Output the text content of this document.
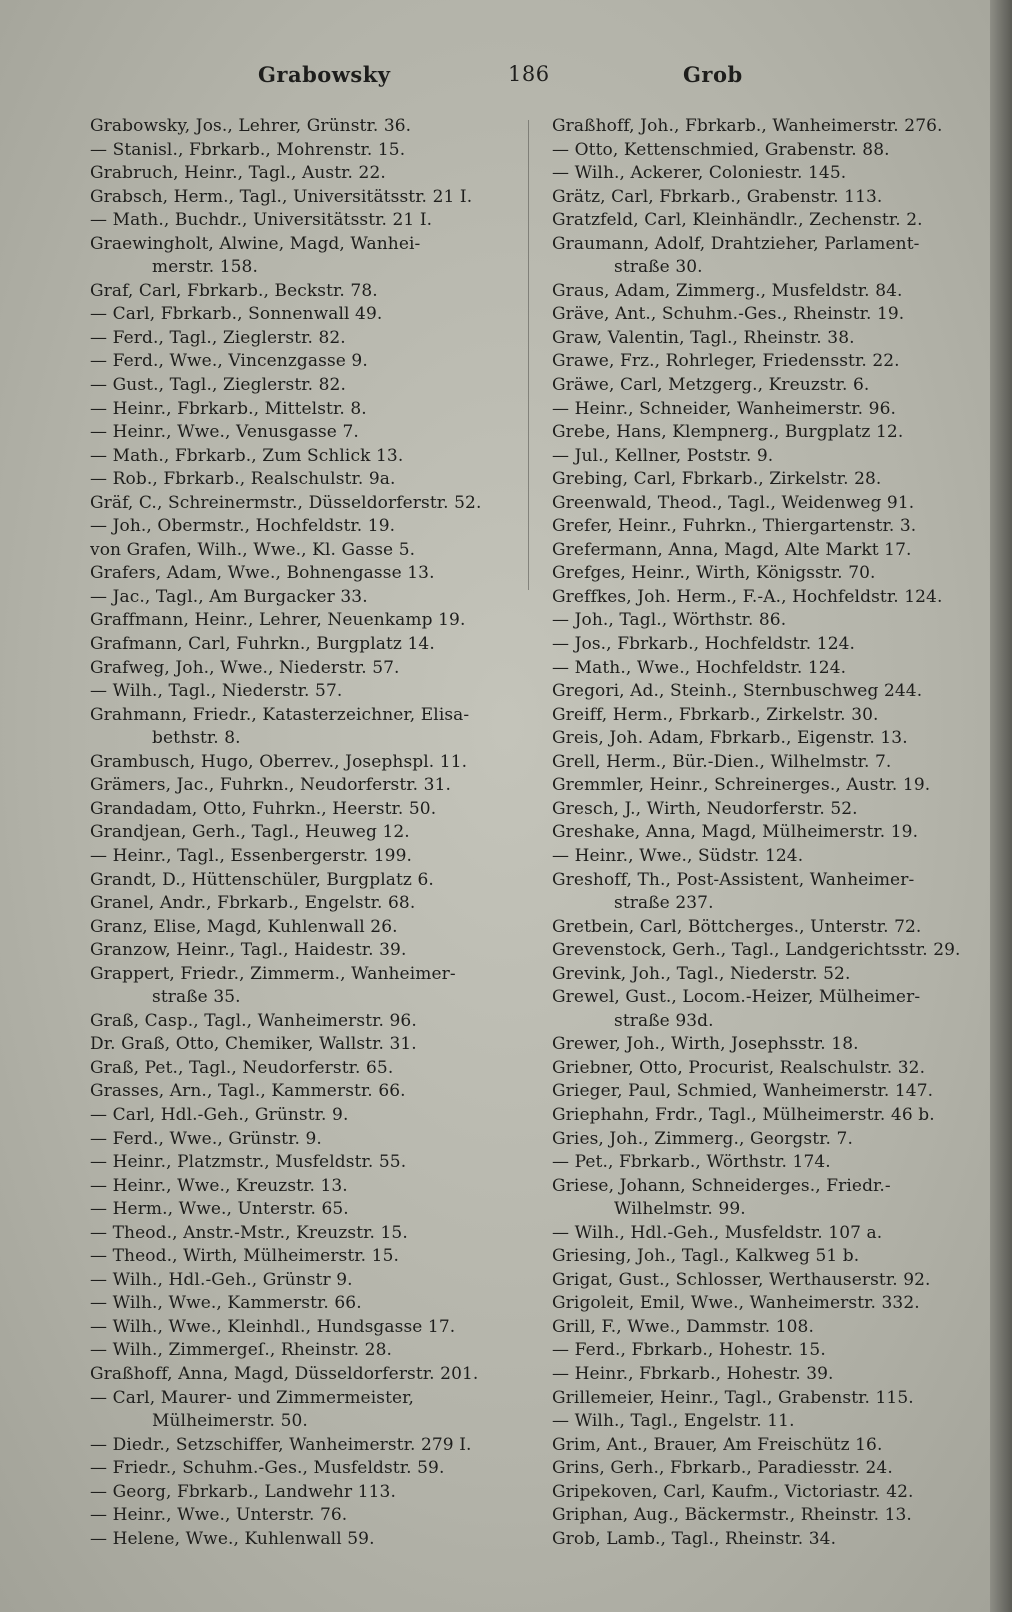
Grabowsky	186	Grob
Grabowsky, Jos., Lehrer, Grünstr. 36.
— Stanisl., Fbrkarb., Mohrenstr. 15.
Grabruch, Heinr., Tagl., Austr. 22.
Grabsch, Herm., Tagl., Universitätsstr. 21 I.
— Math., Buchdr., Universitätsstr. 21 I.
Graewingholt, Alwine, Magd, Wanhei-
merstr. 158.
Graf, Carl, Fbrkarb., Beckstr. 78.
— Carl, Fbrkarb., Sonnenwall 49.
— Ferd., Tagl., Zieglerstr. 82.
— Ferd., Wwe., Vincenzgasse 9.
— Gust., Tagl., Zieglerstr. 82.
— Heinr., Fbrkarb., Mittelstr. 8.
— Heinr., Wwe., Venusgasse 7.
— Math., Fbrkarb., Zum Schlick 13.
— Rob., Fbrkarb., Realschulstr. 9a.
Gräf, C., Schreinermstr., Düsseldorferstr. 52.
— Joh., Obermstr., Hochfeldstr. 19.
von Grafen, Wilh., Wwe., Kl. Gasse 5.
Grafers, Adam, Wwe., Bohnengasse 13.
— Jac., Tagl., Am Burgacker 33.
Graffmann, Heinr., Lehrer, Neuenkamp 19.
Grafmann, Carl, Fuhrkn., Burgplatz 14.
Grafweg, Joh., Wwe., Niederstr. 57.
— Wilh., Tagl., Niederstr. 57.
Grahmann, Friedr., Katasterzeichner, Elisa-
bethstr. 8.
Grambusch, Hugo, Oberrev., Josephspl. 11.
Grämers, Jac., Fuhrkn., Neudorferstr. 31.
Grandadam, Otto, Fuhrkn., Heerstr. 50.
Grandjean, Gerh., Tagl., Heuweg 12.
— Heinr., Tagl., Essenbergerstr. 199.
Grandt, D., Hüttenschüler, Burgplatz 6.
Granel, Andr., Fbrkarb., Engelstr. 68.
Granz, Elise, Magd, Kuhlenwall 26.
Granzow, Heinr., Tagl., Haidestr. 39.
Grappert, Friedr., Zimmerm., Wanheimer-
straße 35.
Graß, Casp., Tagl., Wanheimerstr. 96.
Dr. Graß, Otto, Chemiker, Wallstr. 31.
Graß, Pet., Tagl., Neudorferstr. 65.
Grasses, Arn., Tagl., Kammerstr. 66.
— Carl, Hdl.-Geh., Grünstr. 9.
— Ferd., Wwe., Grünstr. 9.
— Heinr., Platzmstr., Musfeldstr. 55.
— Heinr., Wwe., Kreuzstr. 13.
— Herm., Wwe., Unterstr. 65.
— Theod., Anstr.-Mstr., Kreuzstr. 15.
— Theod., Wirth, Mülheimerstr. 15.
— Wilh., Hdl.-Geh., Grünstr 9.
— Wilh., Wwe., Kammerstr. 66.
— Wilh., Wwe., Kleinhdl., Hundsgasse 17.
— Wilh., Zimmergeſ., Rheinstr. 28.
Graßhoff, Anna, Magd, Düsseldorferstr. 201.
— Carl, Maurer- und Zimmermeister,
Mülheimerstr. 50.
— Diedr., Setzschiffer, Wanheimerstr. 279 I.
— Friedr., Schuhm.-Ges., Musfeldstr. 59.
— Georg, Fbrkarb., Landwehr 113.
— Heinr., Wwe., Unterstr. 76.
— Helene, Wwe., Kuhlenwall 59.
Graßhoff, Joh., Fbrkarb., Wanheimerstr. 276.
— Otto, Kettenschmied, Grabenstr. 88.
— Wilh., Ackerer, Coloniestr. 145.
Grätz, Carl, Fbrkarb., Grabenstr. 113.
Gratzfeld, Carl, Kleinhändlr., Zechenstr. 2.
Graumann, Adolf, Drahtzieher, Parlament-
straße 30.
Graus, Adam, Zimmerg., Musfeldstr. 84.
Gräve, Ant., Schuhm.-Ges., Rheinstr. 19.
Graw, Valentin, Tagl., Rheinstr. 38.
Grawe, Frz., Rohrleger, Friedensstr. 22.
Gräwe, Carl, Metzgerg., Kreuzstr. 6.
— Heinr., Schneider, Wanheimerstr. 96.
Grebe, Hans, Klempnerg., Burgplatz 12.
— Jul., Kellner, Poststr. 9.
Grebing, Carl, Fbrkarb., Zirkelstr. 28.
Greenwald, Theod., Tagl., Weidenweg 91.
Grefer, Heinr., Fuhrkn., Thiergartenstr. 3.
Grefermann, Anna, Magd, Alte Markt 17.
Grefges, Heinr., Wirth, Königsstr. 70.
Greffkes, Joh. Herm., F.-A., Hochfeldstr. 124.
— Joh., Tagl., Wörthstr. 86.
— Jos., Fbrkarb., Hochfeldstr. 124.
— Math., Wwe., Hochfeldstr. 124.
Gregori, Ad., Steinh., Sternbuschweg 244.
Greiff, Herm., Fbrkarb., Zirkelstr. 30.
Greis, Joh. Adam, Fbrkarb., Eigenstr. 13.
Grell, Herm., Bür.-Dien., Wilhelmstr. 7.
Gremmler, Heinr., Schreinerges., Austr. 19.
Gresch, J., Wirth, Neudorferstr. 52.
Greshake, Anna, Magd, Mülheimerstr. 19.
— Heinr., Wwe., Südstr. 124.
Greshoff, Th., Post-Assistent, Wanheimer-
straße 237.
Gretbein, Carl, Böttcherges., Unterstr. 72.
Grevenstock, Gerh., Tagl., Landgerichtsstr. 29.
Grevink, Joh., Tagl., Niederstr. 52.
Grewel, Gust., Locom.-Heizer, Mülheimer-
straße 93d.
Grewer, Joh., Wirth, Josephsstr. 18.
Griebner, Otto, Procurist, Realschulstr. 32.
Grieger, Paul, Schmied, Wanheimerstr. 147.
Griephahn, Frdr., Tagl., Mülheimerstr. 46 b.
Gries, Joh., Zimmerg., Georgstr. 7.
— Pet., Fbrkarb., Wörthstr. 174.
Griese, Johann, Schneiderges., Friedr.-
Wilhelmstr. 99.
— Wilh., Hdl.-Geh., Musfeldstr. 107 a.
Griesing, Joh., Tagl., Kalkweg 51 b.
Grigat, Gust., Schlosser, Werthauserstr. 92.
Grigoleit, Emil, Wwe., Wanheimerstr. 332.
Grill, F., Wwe., Dammstr. 108.
— Ferd., Fbrkarb., Hohestr. 15.
— Heinr., Fbrkarb., Hohestr. 39.
Grillemeier, Heinr., Tagl., Grabenstr. 115.
— Wilh., Tagl., Engelstr. 11.
Grim, Ant., Brauer, Am Freischütz 16.
Grins, Gerh., Fbrkarb., Paradiesstr. 24.
Gripekoven, Carl, Kaufm., Victoriastr. 42.
Griphan, Aug., Bäckermstr., Rheinstr. 13.
Grob, Lamb., Tagl., Rheinstr. 34.
